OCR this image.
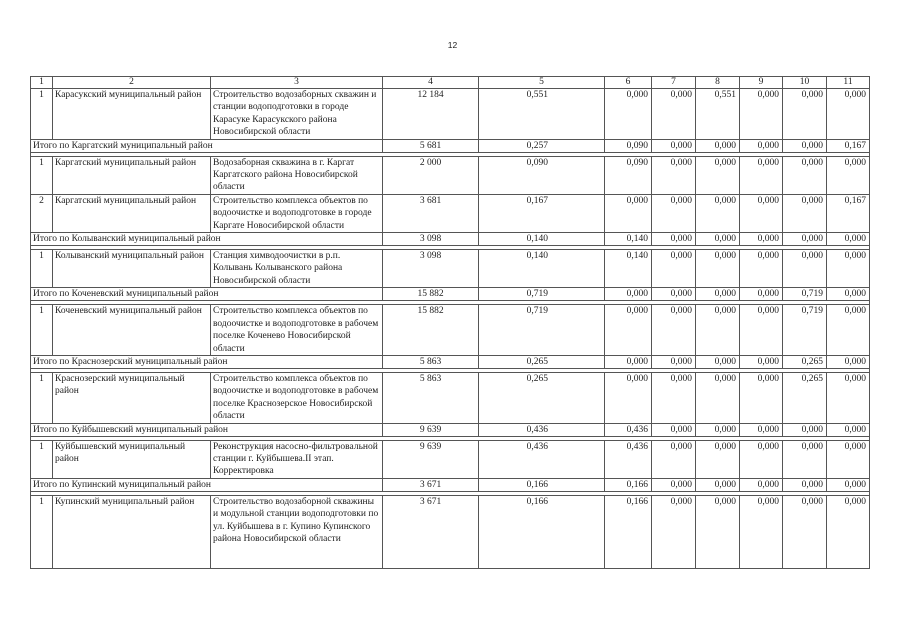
12
1	2	3	4	5	6	7	8	9	10	11
1	Карасукский муниципальный район	Строительство водозаборных скважин и станции водоподготовки в городе Карасуке Карасукского района Новосибирской области	12 184	0,551	0,000	0,000	0,551	0,000	0,000	0,000
Итого по Каргатский муниципальный район			5 681	0,257	0,090	0,000	0,000	0,000	0,000	0,167

1	Каргатский муниципальный район	Водозаборная скважина в г. Каргат Каргатского района Новосибирской области	2 000	0,090	0,090	0,000	0,000	0,000	0,000	0,000
2	Каргатский муниципальный район	Строительство комплекса объектов по водоочистке и водоподготовке в городе Каргате Новосибирской области	3 681	0,167	0,000	0,000	0,000	0,000	0,000	0,167
Итого по Колыванский муниципальный район			3 098	0,140	0,140	0,000	0,000	0,000	0,000	0,000

1	Колыванский муниципальный район	Станция химводоочистки в р.п. Колывань Колыванского района Новосибирской области	3 098	0,140	0,140	0,000	0,000	0,000	0,000	0,000
Итого по Коченевский муниципальный район			15 882	0,719	0,000	0,000	0,000	0,000	0,719	0,000

1	Коченевский муниципальный район	Строительство комплекса объектов по водоочистке и водоподготовке в рабочем поселке Коченево Новосибирской области	15 882	0,719	0,000	0,000	0,000	0,000	0,719	0,000
Итого по Краснозерский муниципальный район			5 863	0,265	0,000	0,000	0,000	0,000	0,265	0,000

1	Краснозерский муниципальный район	Строительство комплекса объектов по водоочистке и водоподготовке в рабочем поселке Краснозерское Новосибирской области	5 863	0,265	0,000	0,000	0,000	0,000	0,265	0,000
Итого по Куйбышевский муниципальный район			9 639	0,436	0,436	0,000	0,000	0,000	0,000	0,000

1	Куйбышевский муниципальный район	Реконструкция насосно-фильтровальной станции г. Куйбышева.II этап. Корректировка	9 639	0,436	0,436	0,000	0,000	0,000	0,000	0,000
Итого по Купинский муниципальный район			3 671	0,166	0,166	0,000	0,000	0,000	0,000	0,000

1	Купинский муниципальный район	Строительство водозаборной скважины и модульной станции водоподготовки по ул. Куйбышева в г. Купино Купинского района Новосибирской области	3 671	0,166	0,166	0,000	0,000	0,000	0,000	0,000
